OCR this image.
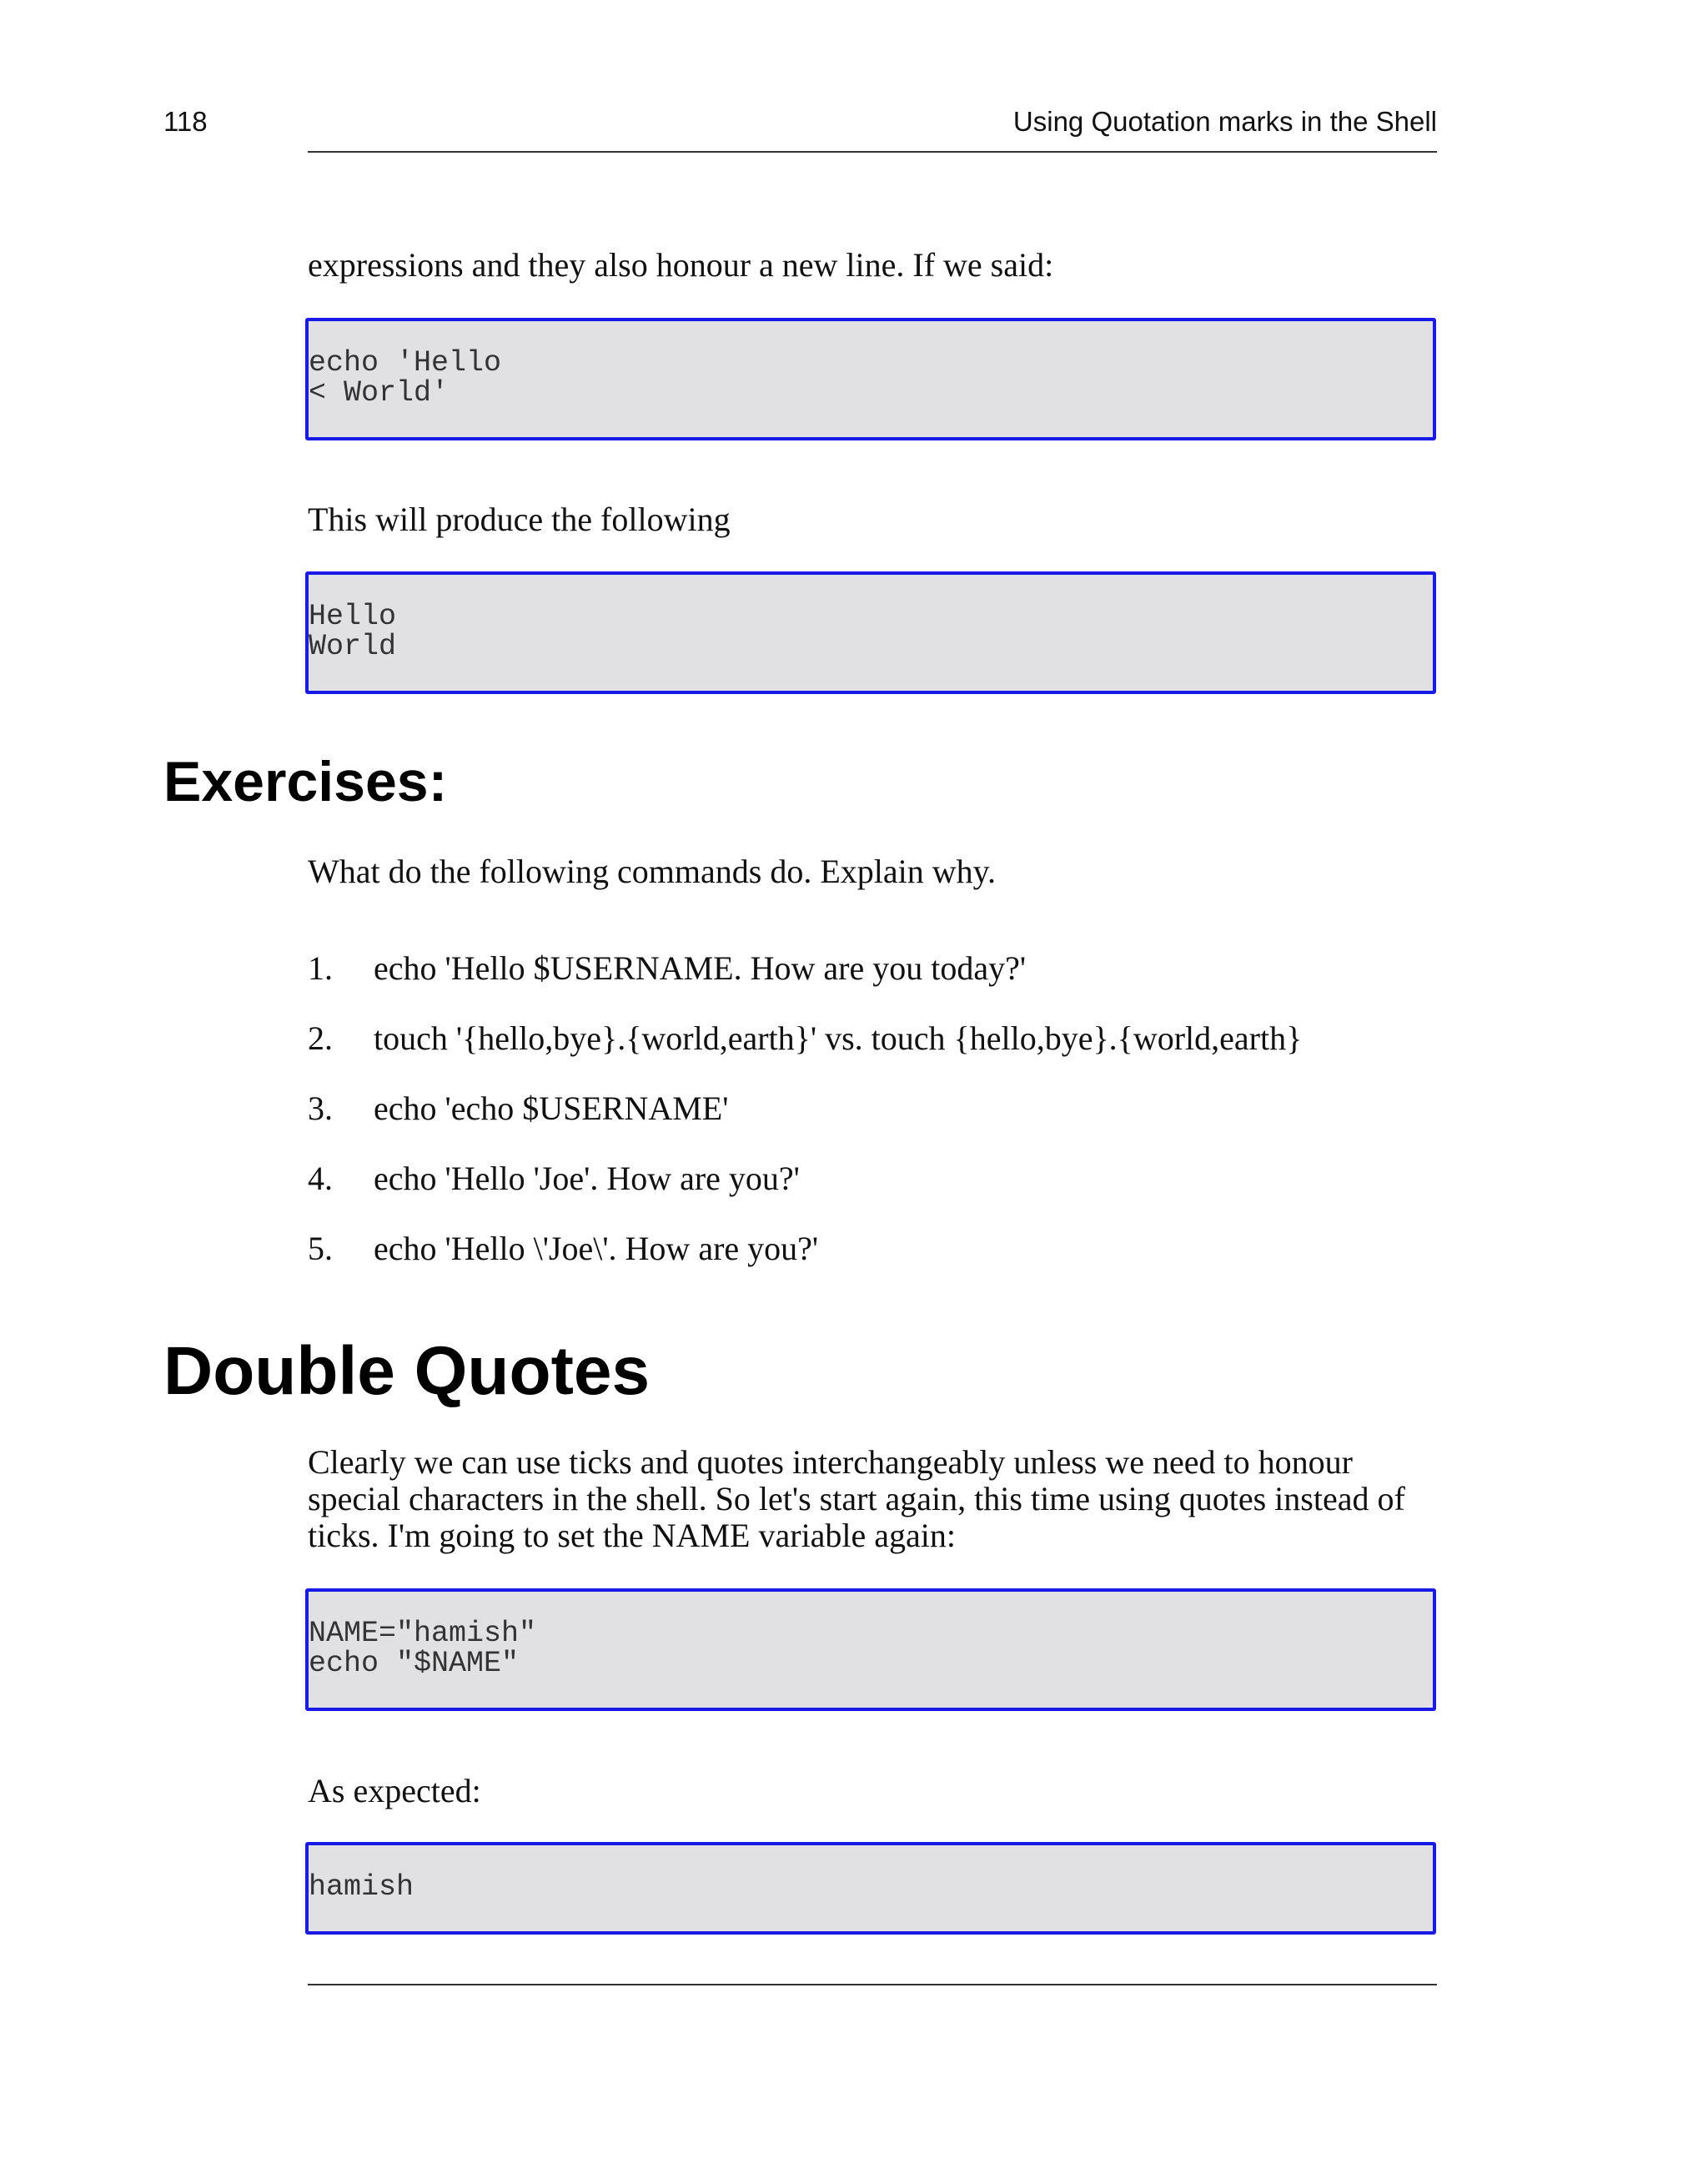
118	Using Quotation marks in the Shell

expressions and they also honour a new line. If we said:

echo 'Hello
< World'

This will produce the following

Hello
World
Exercises:

What do the following commands do. Explain why.

1. echo 'Hello $USERNAME. How are you today?'
2. touch '{hello,bye}.{world,earth}' vs. touch {hello,bye}.{world,earth}
3. echo 'echo $USERNAME'
4. echo 'Hello 'Joe'. How are you?'
5. echo 'Hello \'Joe\'. How are you?'
Double Quotes
Clearly we can use ticks and quotes interchangeably unless we need to honour
special characters in the shell. So let's start again, this time using quotes instead of
ticks. I'm going to set the NAME variable again:
NAME="hamish"
echo "$NAME"

As expected:

hamish
